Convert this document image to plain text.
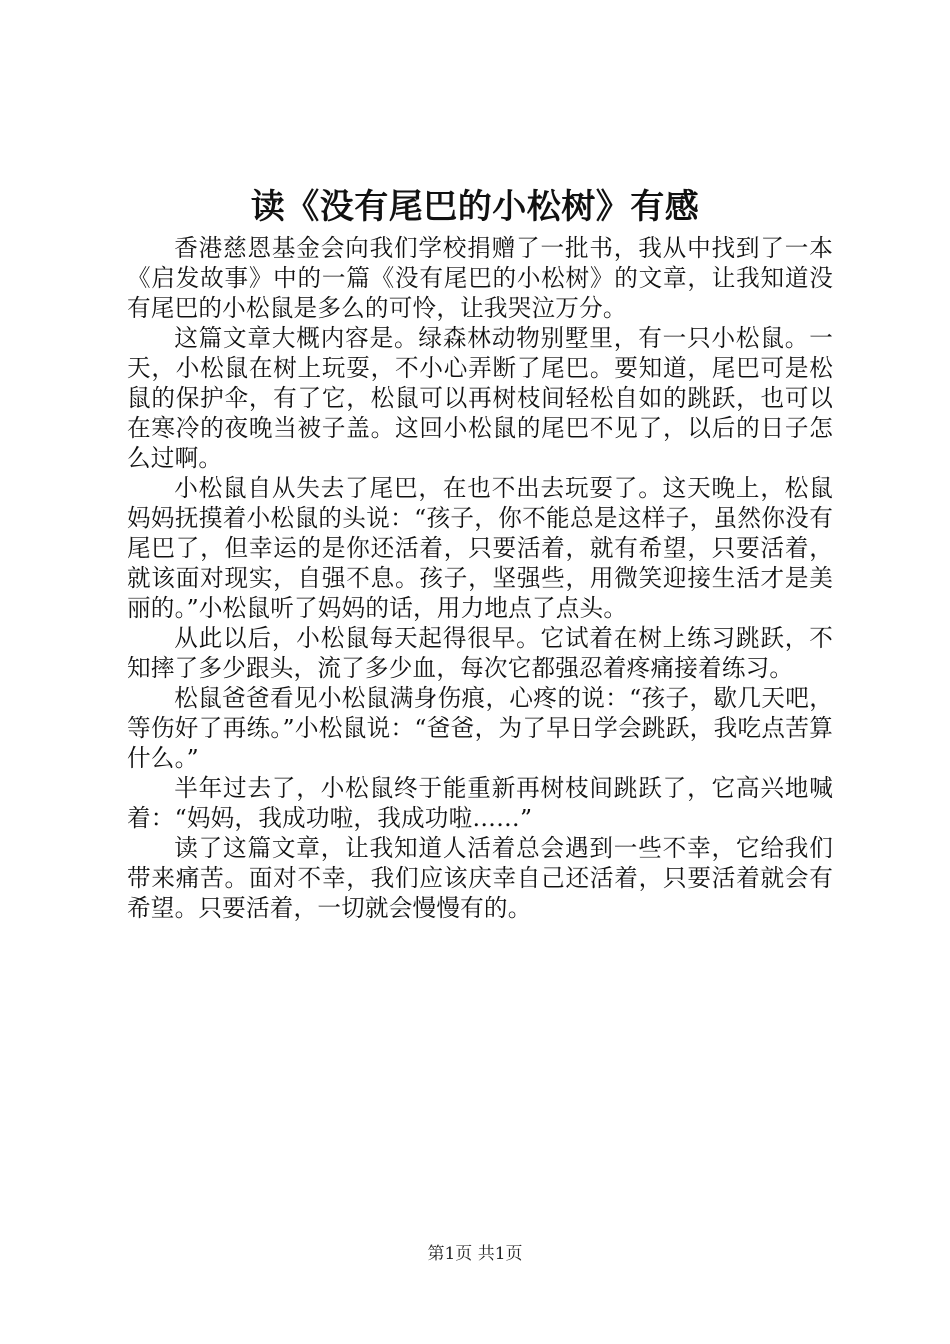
读《没有尾巴的小松树》有感

香港慈恩基金会向我们学校捐赠了一批书，我从中找到了一本《启发故事》中的一篇《没有尾巴的小松树》的文章，让我知道没有尾巴的小松鼠是多么的可怜，让我哭泣万分。

这篇文章大概内容是。绿森林动物别墅里，有一只小松鼠。一天，小松鼠在树上玩耍，不小心弄断了尾巴。要知道，尾巴可是松鼠的保护伞，有了它，松鼠可以再树枝间轻松自如的跳跃，也可以在寒冷的夜晚当被子盖。这回小松鼠的尾巴不见了，以后的日子怎么过啊。

小松鼠自从失去了尾巴，在也不出去玩耍了。这天晚上，松鼠妈妈抚摸着小松鼠的头说：“孩子，你不能总是这样子，虽然你没有尾巴了，但幸运的是你还活着，只要活着，就有希望，只要活着，就该面对现实，自强不息。孩子，坚强些，用微笑迎接生活才是美丽的。”小松鼠听了妈妈的话，用力地点了点头。

从此以后，小松鼠每天起得很早。它试着在树上练习跳跃，不知摔了多少跟头，流了多少血，每次它都强忍着疼痛接着练习。

松鼠爸爸看见小松鼠满身伤痕，心疼的说：“孩子，歇几天吧，等伤好了再练。”小松鼠说：“爸爸，为了早日学会跳跃，我吃点苦算什么。”

半年过去了，小松鼠终于能重新再树枝间跳跃了，它高兴地喊着：“妈妈，我成功啦，我成功啦……”

读了这篇文章，让我知道人活着总会遇到一些不幸，它给我们带来痛苦。面对不幸，我们应该庆幸自己还活着，只要活着就会有希望。只要活着，一切就会慢慢有的。

第1页 共1页
